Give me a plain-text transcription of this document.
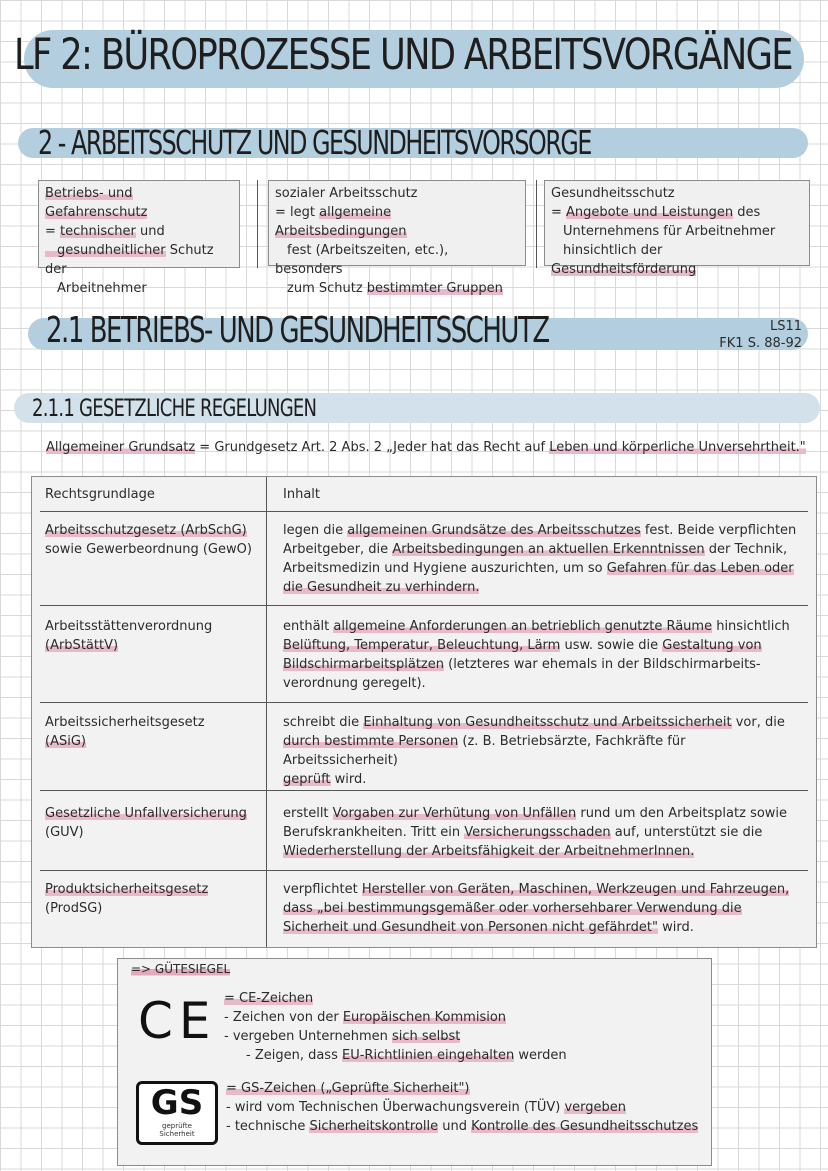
LF 2: BÜROPROZESSE UND ARBEITSVORGÄNGE
2 - ARBEITSSCHUTZ UND GESUNDHEITSVORSORGE
Betriebs- und Gefahrenschutz
= technischer und
gesundheitlicher Schutz der
Arbeitnehmer
sozialer Arbeitsschutz
= legt allgemeine Arbeitsbedingungen
fest (Arbeitszeiten, etc.), besonders
zum Schutz bestimmter Gruppen
Gesundheitsschutz
= Angebote und Leistungen des
Unternehmens für Arbeitnehmer
hinsichtlich der Gesundheitsförderung
2.1 BETRIEBS- UND GESUNDHEITSSCHUTZ	LS11
FK1 S. 88-92
2.1.1 GESETZLICHE REGELUNGEN
Allgemeiner Grundsatz = Grundgesetz Art. 2 Abs. 2 „Jeder hat das Recht auf Leben und körperliche Unversehrtheit."
Rechtsgrundlage	Inhalt
Arbeitsschutzgesetz (ArbSchG)
sowie Gewerbeordnung (GewO)
legen die allgemeinen Grundsätze des Arbeitsschutzes fest. Beide verpflichten
Arbeitgeber, die Arbeitsbedingungen an aktuellen Erkenntnissen der Technik,
Arbeitsmedizin und Hygiene auszurichten, um so Gefahren für das Leben oder
die Gesundheit zu verhindern.
Arbeitsstättenverordnung
(ArbStättV)
enthält allgemeine Anforderungen an betrieblich genutzte Räume hinsichtlich
Belüftung, Temperatur, Beleuchtung, Lärm usw. sowie die Gestaltung von
Bildschirmarbeitsplätzen (letzteres war ehemals in der Bildschirmarbeits-
verordnung geregelt).
Arbeitssicherheitsgesetz
(ASiG)
schreibt die Einhaltung von Gesundheitsschutz und Arbeitssicherheit vor, die
durch bestimmte Personen (z. B. Betriebsärzte, Fachkräfte für Arbeitssicherheit)
geprüft wird.
Gesetzliche Unfallversicherung
(GUV)
erstellt Vorgaben zur Verhütung von Unfällen rund um den Arbeitsplatz sowie
Berufskrankheiten. Tritt ein Versicherungsschaden auf, unterstützt sie die
Wiederherstellung der Arbeitsfähigkeit der ArbeitnehmerInnen.
Produktsicherheitsgesetz
(ProdSG)
verpflichtet Hersteller von Geräten, Maschinen, Werkzeugen und Fahrzeugen,
dass „bei bestimmungsgemäßer oder vorhersehbarer Verwendung die
Sicherheit und Gesundheit von Personen nicht gefährdet" wird.
=> GÜTESIEGEL
CE = CE-Zeichen
- Zeichen von der Europäischen Kommision
- vergeben Unternehmen sich selbst
- Zeigen, dass EU-Richtlinien eingehalten werden
GS
geprüfte
Sicherheit
= GS-Zeichen („Geprüfte Sicherheit")
- wird vom Technischen Überwachungsverein (TÜV) vergeben
- technische Sicherheitskontrolle und Kontrolle des Gesundheitsschutzes
